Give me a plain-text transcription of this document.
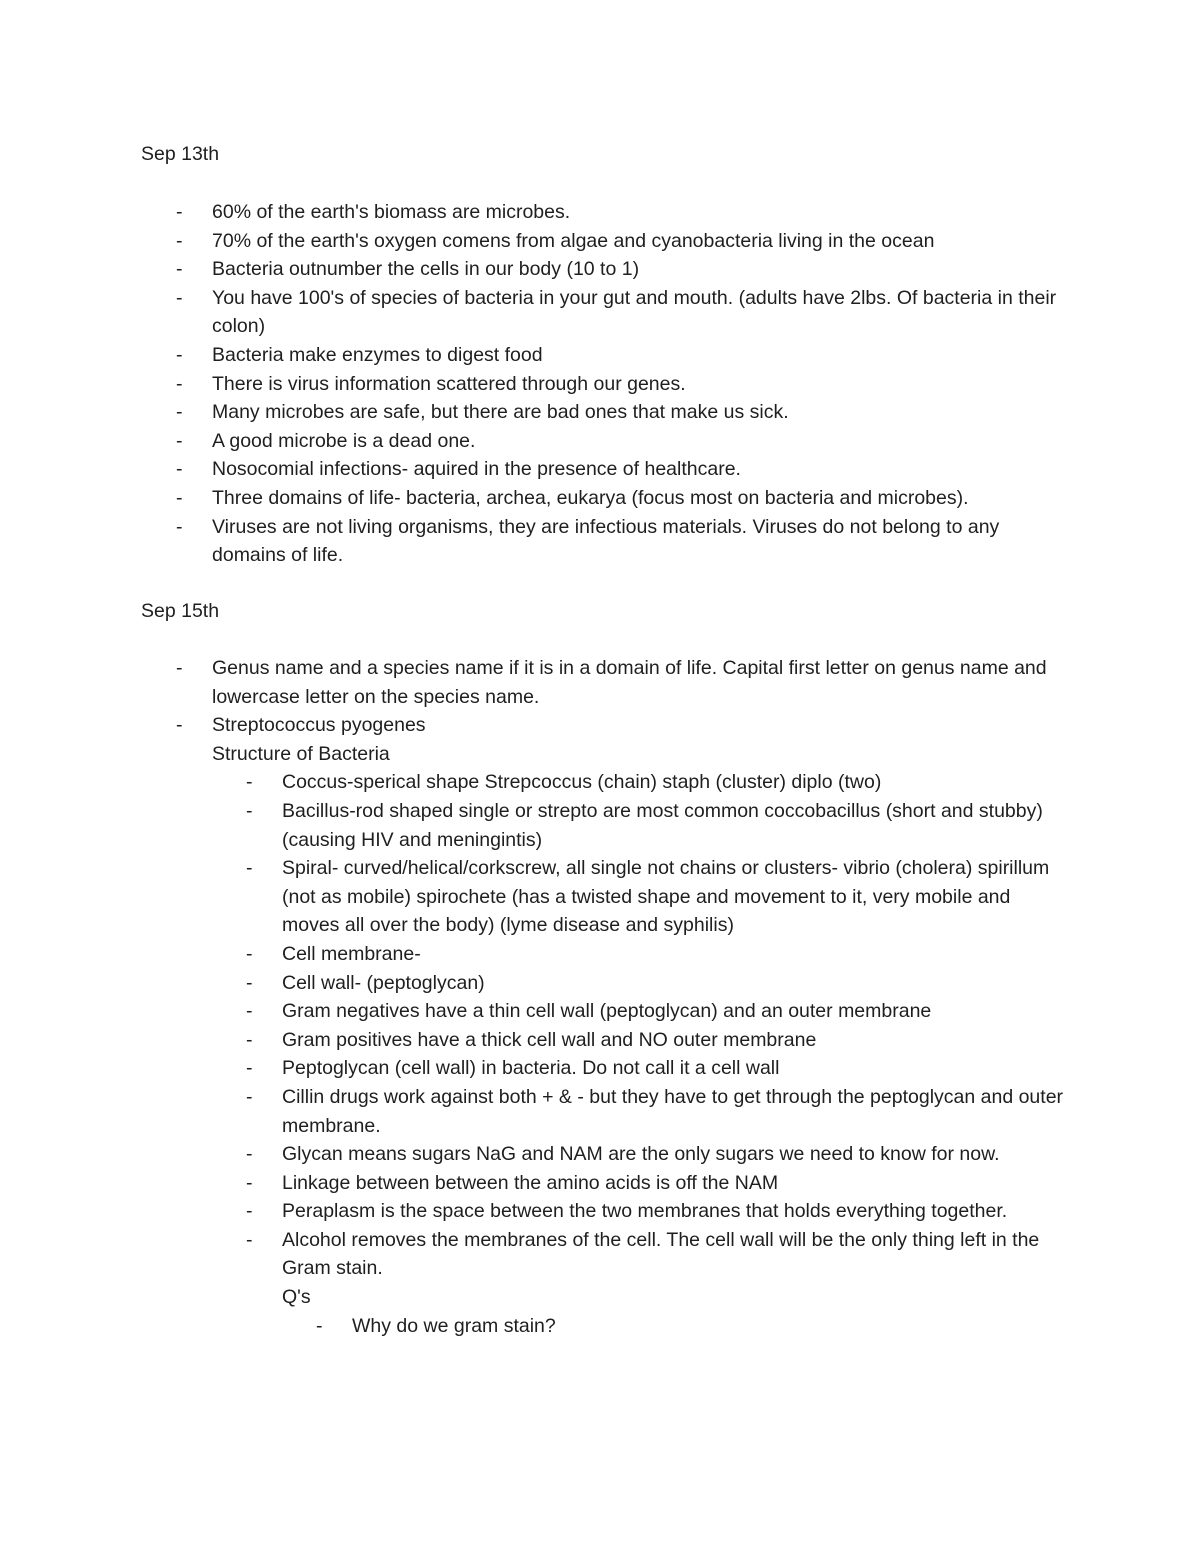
Sep 13th
- 60% of the earth's biomass are microbes.
- 70% of the earth's oxygen comens from algae and cyanobacteria living in the ocean
- Bacteria outnumber the cells in our body (10 to 1)
- You have 100's of species of bacteria in your gut and mouth. (adults have 2lbs. Of bacteria in their colon)
- Bacteria make enzymes to digest food
- There is virus information scattered through our genes.
- Many microbes are safe, but there are bad ones that make us sick.
- A good microbe is a dead one.
- Nosocomial infections- aquired in the presence of healthcare.
- Three domains of life- bacteria, archea, eukarya (focus most on bacteria and microbes).
- Viruses are not living organisms, they are infectious materials. Viruses do not belong to any domains of life.
Sep 15th
- Genus name and a species name if it is in a domain of life. Capital first letter on genus name and lowercase letter on the species name.
- Streptococcus pyogenes
Structure of Bacteria
- Coccus-sperical shape Strepcoccus (chain) staph (cluster) diplo (two)
- Bacillus-rod shaped single or strepto are most common coccobacillus (short and stubby) (causing HIV and meningintis)
- Spiral- curved/helical/corkscrew, all single not chains or clusters- vibrio (cholera) spirillum (not as mobile) spirochete (has a twisted shape and movement to it, very mobile and moves all over the body) (lyme disease and syphilis)
- Cell membrane-
- Cell wall- (peptoglycan)
- Gram negatives have a thin cell wall (peptoglycan) and an outer membrane
- Gram positives have a thick cell wall and NO outer membrane
- Peptoglycan (cell wall) in bacteria. Do not call it a cell wall
- Cillin drugs work against both + & - but they have to get through the peptoglycan and outer membrane.
- Glycan means sugars NaG and NAM are the only sugars we need to know for now.
- Linkage between between the amino acids is off the NAM
- Peraplasm is the space between the two membranes that holds everything together.
- Alcohol removes the membranes of the cell. The cell wall will be the only thing left in the Gram stain.
Q's
- Why do we gram stain?
